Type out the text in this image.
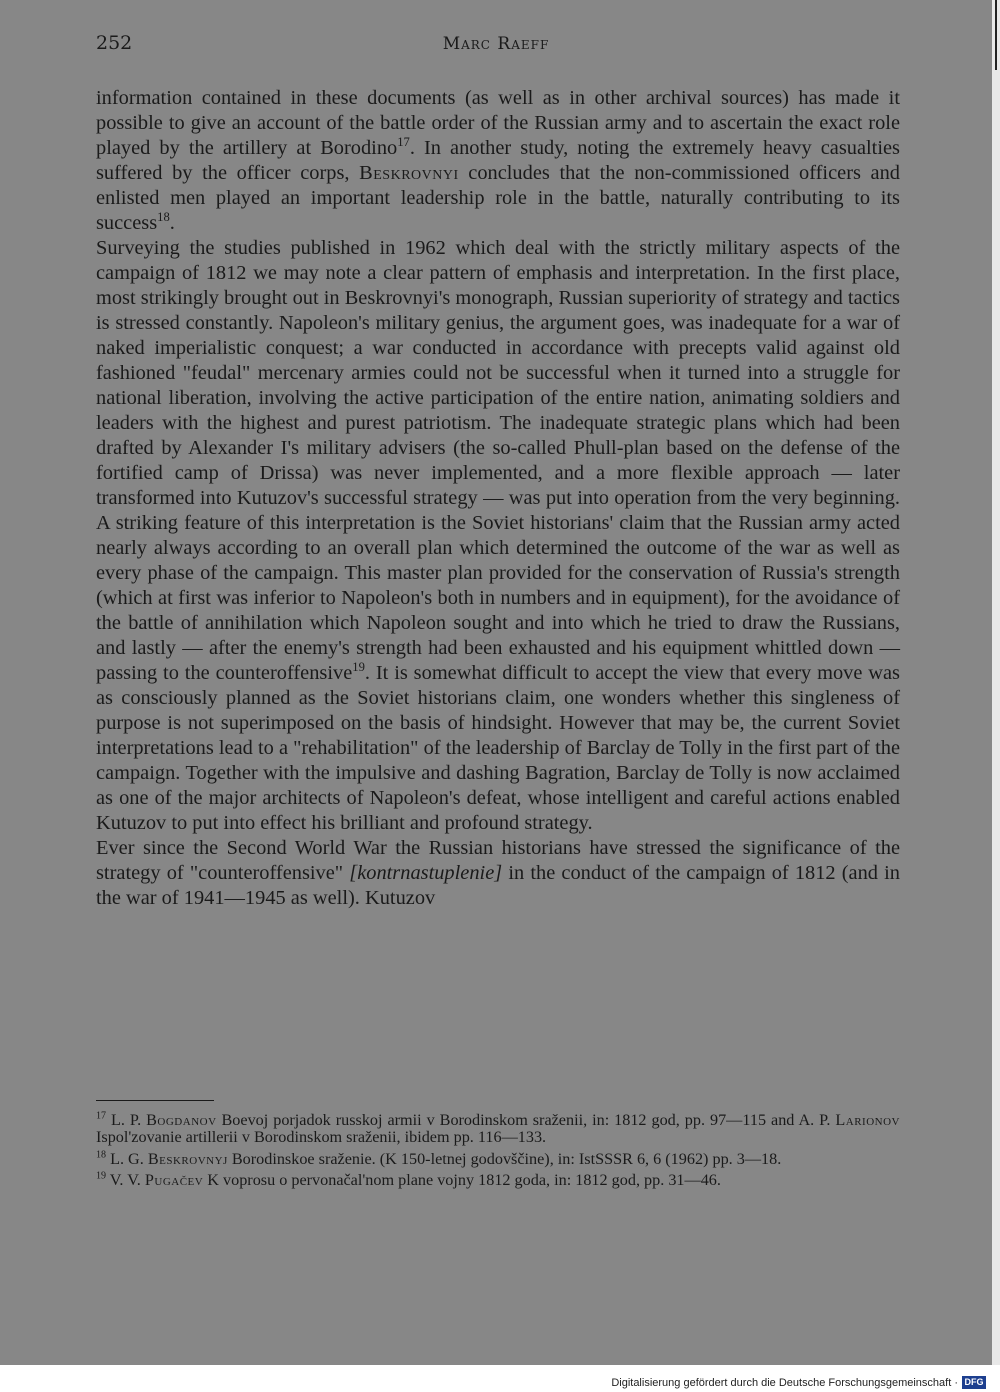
252	Marc Raeff

information contained in these documents (as well as in other archival sources) has made it possible to give an account of the battle order of the Russian army and to ascertain the exact role played by the artillery at Borodino$^{17}$. In another study, noting the extremely heavy casualties suffered by the officer corps, Beskrovnyi concludes that the non-commissioned officers and enlisted men played an important leadership role in the battle, naturally contributing to its success$^{18}$.

Surveying the studies published in 1962 which deal with the strictly military aspects of the campaign of 1812 we may note a clear pattern of emphasis and interpretation. In the first place, most strikingly brought out in Beskrovnyi's monograph, Russian superiority of strategy and tactics is stressed constantly. Napoleon's military genius, the argument goes, was inadequate for a war of naked imperialistic conquest; a war conducted in accordance with precepts valid against old fashioned "feudal" mercenary armies could not be successful when it turned into a struggle for national liberation, involving the active participation of the entire nation, animating soldiers and leaders with the highest and purest patriotism. The inadequate strategic plans which had been drafted by Alexander I's military advisers (the so-called Phull-plan based on the defense of the fortified camp of Drissa) was never implemented, and a more flexible approach — later transformed into Kutuzov's successful strategy — was put into operation from the very beginning. A striking feature of this interpretation is the Soviet historians' claim that the Russian army acted nearly always according to an overall plan which determined the outcome of the war as well as every phase of the campaign. This master plan provided for the conservation of Russia's strength (which at first was inferior to Napoleon's both in numbers and in equipment), for the avoidance of the battle of annihilation which Napoleon sought and into which he tried to draw the Russians, and lastly — after the enemy's strength had been exhausted and his equipment whittled down — passing to the counteroffensive$^{19}$. It is somewhat difficult to accept the view that every move was as consciously planned as the Soviet historians claim, one wonders whether this singleness of purpose is not superimposed on the basis of hindsight. However that may be, the current Soviet interpretations lead to a "rehabilitation" of the leadership of Barclay de Tolly in the first part of the campaign. Together with the impulsive and dashing Bagration, Barclay de Tolly is now acclaimed as one of the major architects of Napoleon's defeat, whose intelligent and careful actions enabled Kutuzov to put into effect his brilliant and profound strategy.

Ever since the Second World War the Russian historians have stressed the significance of the strategy of "counteroffensive" [kontrnastuplenie] in the conduct of the campaign of 1812 (and in the war of 1941—1945 as well). Kutuzov

$^{17}$ L. P. Bogdanov Boevoj porjadok russkoj armii v Borodinskom sraženii, in: 1812 god, pp. 97—115 and A. P. Larionov Ispol'zovanie artillerii v Borodinskom sraženii, ibidem pp. 116—133.

$^{18}$ L. G. Beskrovnyj Borodinskoe sraženie. (K 150-letnej godovščine), in: IstSSSR 6, 6 (1962) pp. 3—18.

$^{19}$ V. V. Pugačev K voprosu o pervonačal'nom plane vojny 1812 goda, in: 1812 god, pp. 31—46.

Digitalisierung gefördert durch die Deutsche Forschungsgemeinschaft · DFG
